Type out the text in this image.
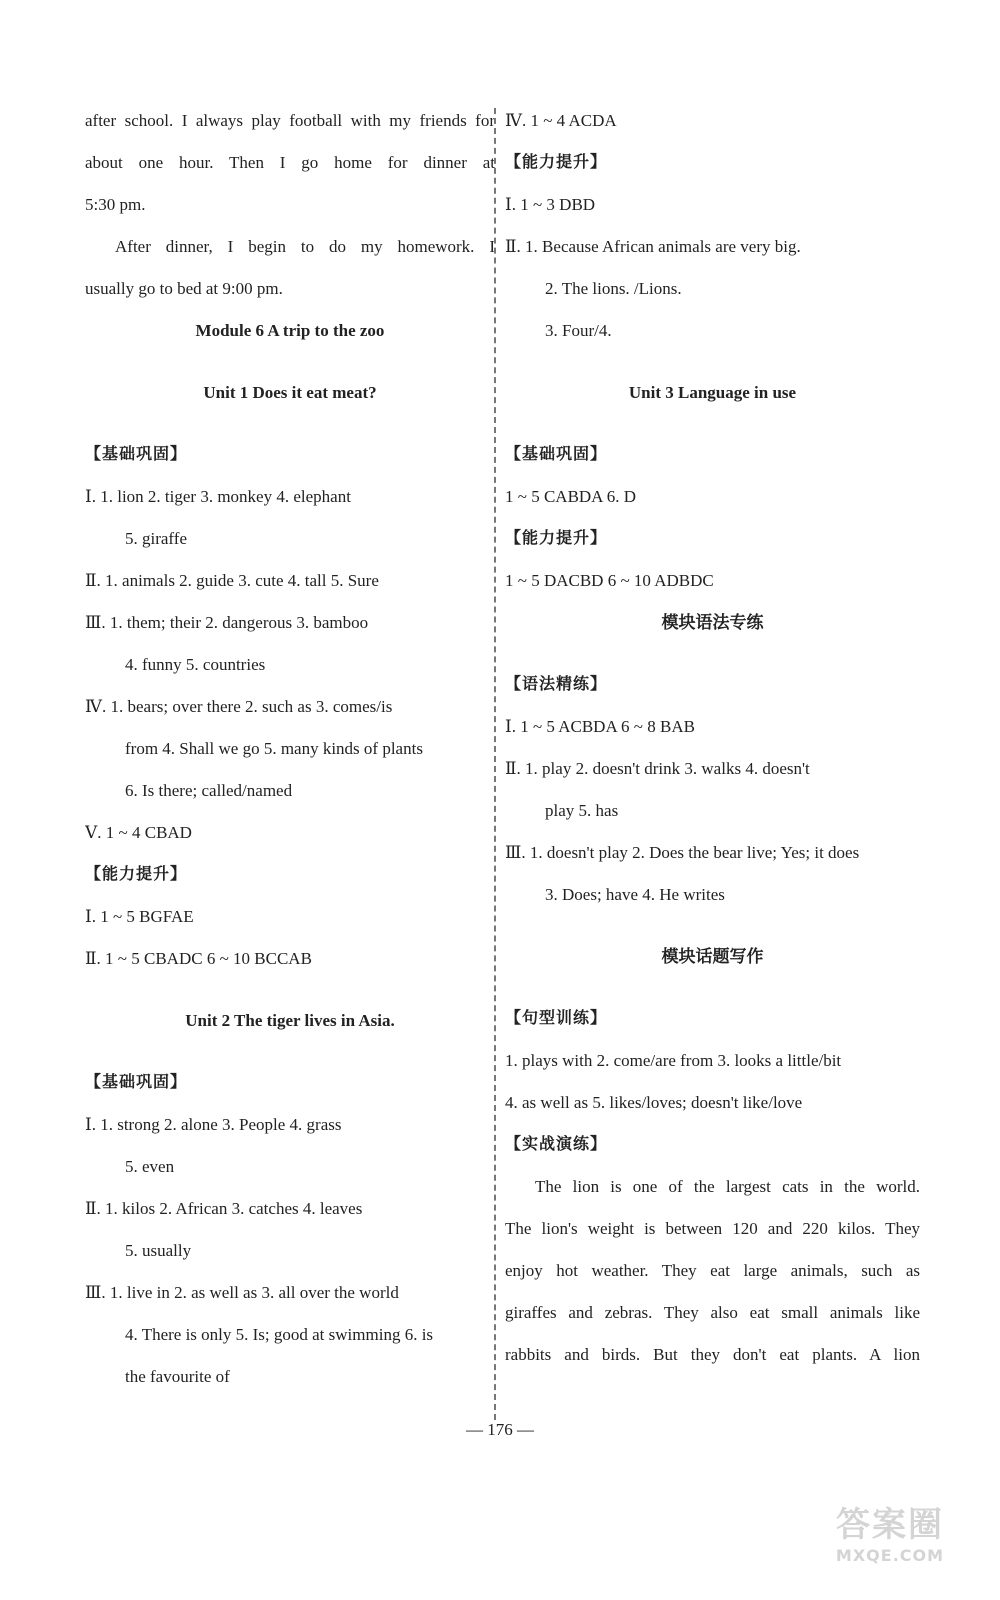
after school. I always play football with my friends for
about one hour. Then I go home for dinner at
5:30 pm.
After dinner, I begin to do my homework. I
usually go to bed at 9:00 pm.
Module 6 A trip to the zoo
Unit 1 Does it eat meat?
【基础巩固】
Ⅰ. 1. lion 2. tiger 3. monkey 4. elephant
5. giraffe
Ⅱ. 1. animals 2. guide 3. cute 4. tall 5. Sure
Ⅲ. 1. them; their 2. dangerous 3. bamboo
4. funny 5. countries
Ⅳ. 1. bears; over there 2. such as 3. comes/is
from 4. Shall we go 5. many kinds of plants
6. Is there; called/named
Ⅴ. 1 ~ 4 CBAD
【能力提升】
Ⅰ. 1 ~ 5 BGFAE
Ⅱ. 1 ~ 5 CBADC 6 ~ 10 BCCAB
Unit 2 The tiger lives in Asia.
【基础巩固】
Ⅰ. 1. strong 2. alone 3. People 4. grass
5. even
Ⅱ. 1. kilos 2. African 3. catches 4. leaves
5. usually
Ⅲ. 1. live in 2. as well as 3. all over the world
4. There is only 5. Is; good at swimming 6. is
the favourite of
Ⅳ. 1 ~ 4 ACDA
【能力提升】
Ⅰ. 1 ~ 3 DBD
Ⅱ. 1. Because African animals are very big.
2. The lions. /Lions.
3. Four/4.
Unit 3 Language in use
【基础巩固】
1 ~ 5 CABDA 6. D
【能力提升】
1 ~ 5 DACBD 6 ~ 10 ADBDC
模块语法专练
【语法精练】
Ⅰ. 1 ~ 5 ACBDA 6 ~ 8 BAB
Ⅱ. 1. play 2. doesn't drink 3. walks 4. doesn't
play 5. has
Ⅲ. 1. doesn't play 2. Does the bear live; Yes; it does
3. Does; have 4. He writes
模块话题写作
【句型训练】
1. plays with 2. come/are from 3. looks a little/bit
4. as well as 5. likes/loves; doesn't like/love
【实战演练】
The lion is one of the largest cats in the world.
The lion's weight is between 120 and 220 kilos. They
enjoy hot weather. They eat large animals, such as
giraffes and zebras. They also eat small animals like
rabbits and birds. But they don't eat plants. A lion
— 176 —
答案圈
MXQE.COM
